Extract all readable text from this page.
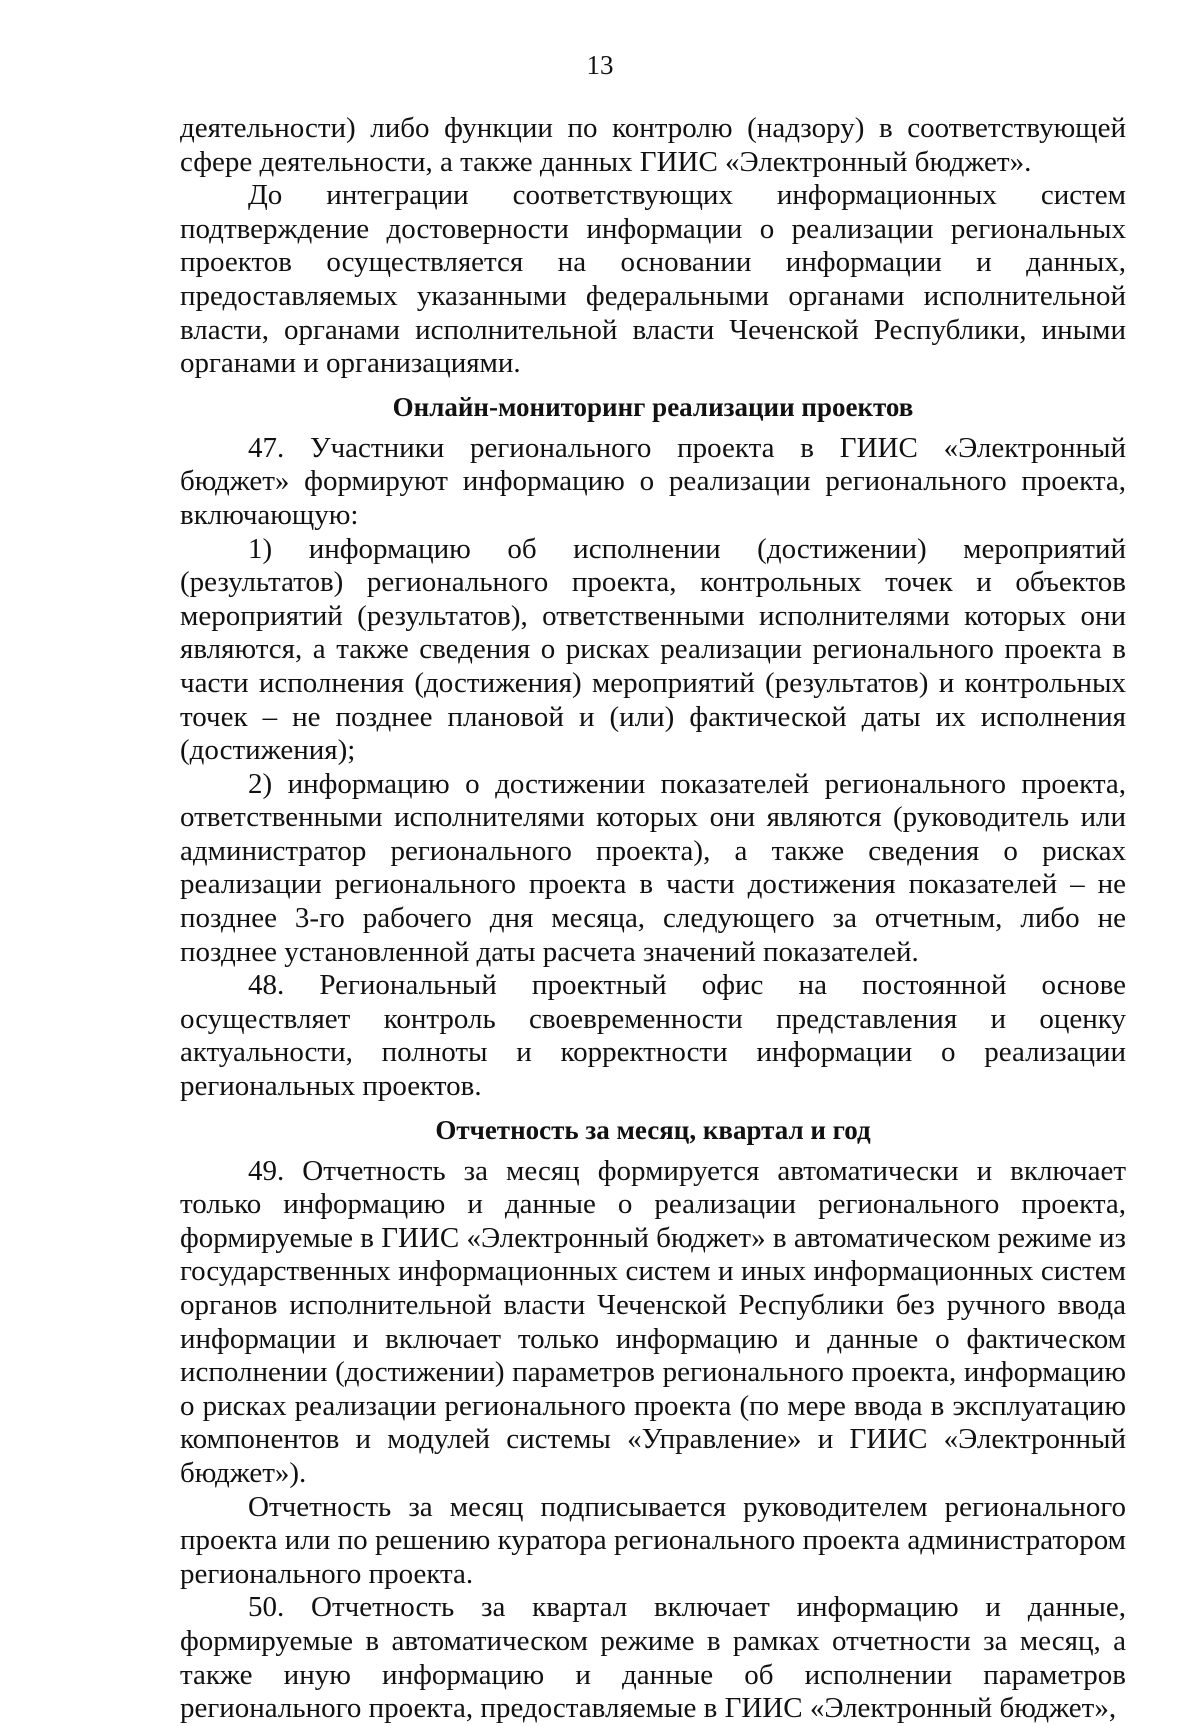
13

деятельности) либо функции по контролю (надзору) в соответствующей сфере деятельности, а также данных ГИИС «Электронный бюджет».

До интеграции соответствующих информационных систем подтверждение достоверности информации о реализации региональных проектов осуществляется на основании информации и данных, предоставляемых указанными федеральными органами исполнительной власти, органами исполнительной власти Чеченской Республики, иными органами и организациями.

Онлайн-мониторинг реализации проектов

47. Участники регионального проекта в ГИИС «Электронный бюджет» формируют информацию о реализации регионального проекта, включающую:

1) информацию об исполнении (достижении) мероприятий (результатов) регионального проекта, контрольных точек и объектов мероприятий (результатов), ответственными исполнителями которых они являются, а также сведения о рисках реализации регионального проекта в части исполнения (достижения) мероприятий (результатов) и контрольных точек – не позднее плановой и (или) фактической даты их исполнения (достижения);

2) информацию о достижении показателей регионального проекта, ответственными исполнителями которых они являются (руководитель или администратор регионального проекта), а также сведения о рисках реализации регионального проекта в части достижения показателей – не позднее 3-го рабочего дня месяца, следующего за отчетным, либо не позднее установленной даты расчета значений показателей.

48. Региональный проектный офис на постоянной основе осуществляет контроль своевременности представления и оценку актуальности, полноты и корректности информации о реализации региональных проектов.

Отчетность за месяц, квартал и год

49. Отчетность за месяц формируется автоматически и включает только информацию и данные о реализации регионального проекта, формируемые в ГИИС «Электронный бюджет» в автоматическом режиме из государственных информационных систем и иных информационных систем органов исполнительной власти Чеченской Республики без ручного ввода информации и включает только информацию и данные о фактическом исполнении (достижении) параметров регионального проекта, информацию о рисках реализации регионального проекта (по мере ввода в эксплуатацию компонентов и модулей системы «Управление» и ГИИС «Электронный бюджет»).

Отчетность за месяц подписывается руководителем регионального проекта или по решению куратора регионального проекта администратором регионального проекта.

50. Отчетность за квартал включает информацию и данные, формируемые в автоматическом режиме в рамках отчетности за месяц, а также иную информацию и данные об исполнении параметров регионального проекта, предоставляемые в ГИИС «Электронный бюджет»,
